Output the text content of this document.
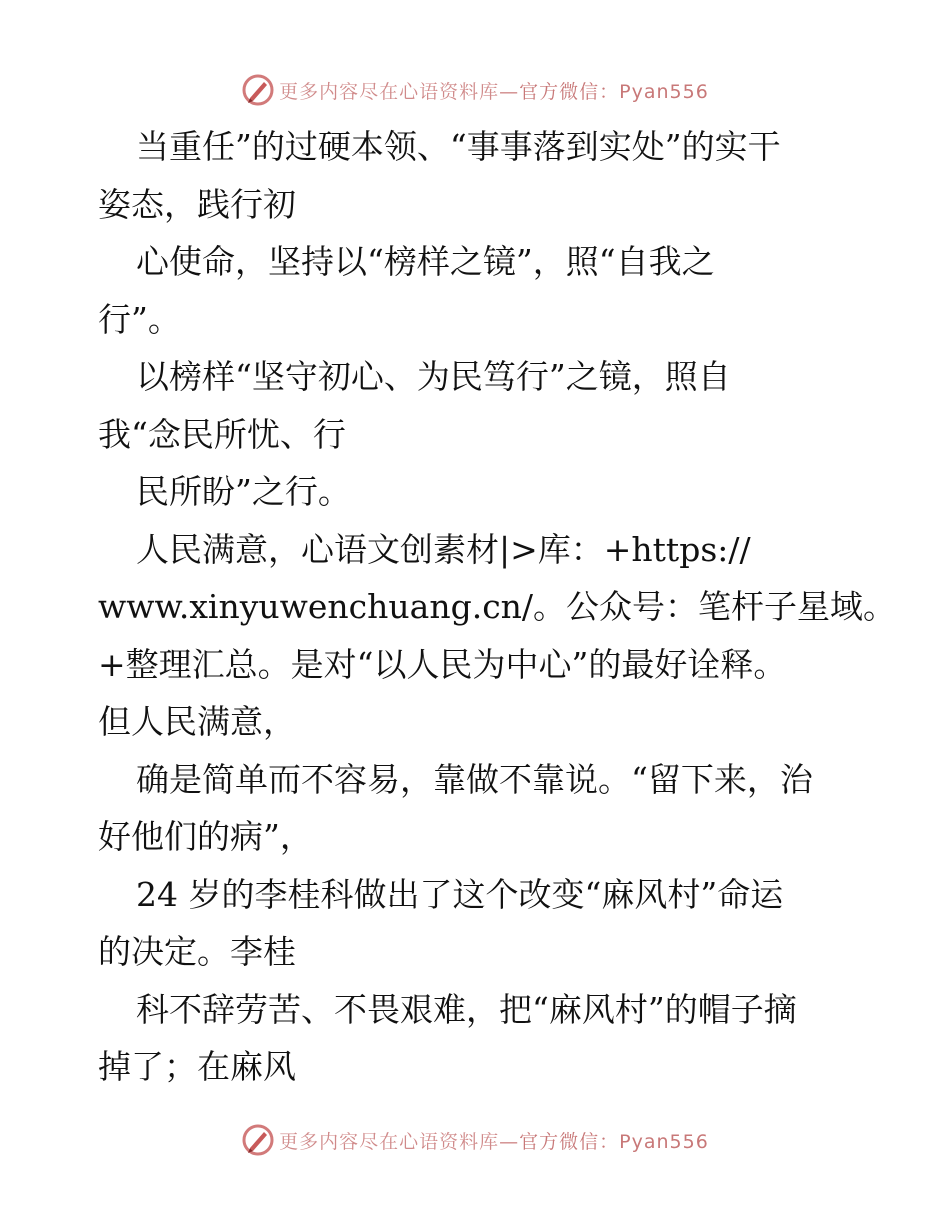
更多内容尽在心语资料库—官方微信：Pyan556
当重任”的过硬本领、“事事落到实处”的实干
姿态，践行初
心使命，坚持以“榜样之镜”，照“自我之
行”。
以榜样“坚守初心、为民笃行”之镜，照自
我“念民所忧、行
民所盼”之行。
人民满意，心语文创素材|>库：+https://
www.xinyuwenchuang.cn/。公众号：笔杆子星域。
+整理汇总。是对“以人民为中心”的最好诠释。
但人民满意，
确是简单而不容易，靠做不靠说。“留下来，治
好他们的病”，
24 岁的李桂科做出了这个改变“麻风村”命运
的决定。李桂
科不辞劳苦、不畏艰难，把“麻风村”的帽子摘
掉了；在麻风
更多内容尽在心语资料库—官方微信：Pyan556
